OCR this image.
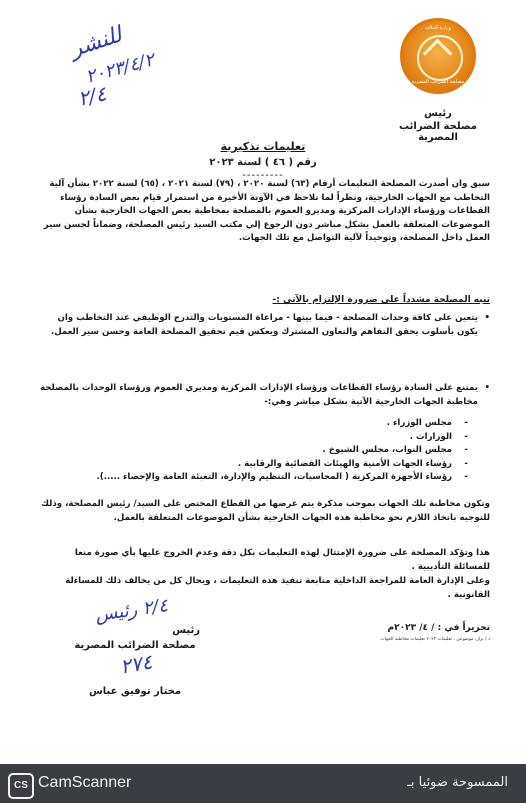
وزارة المالية
مصلحة الضرائب المصرية
رئيس
مصلحة الضرائب المصرية
للنشر
٢٠٢٣/٤/٢
٢/٤
تعليمات تذكيرية
رقم ( ٤٦ ) لسنة ٢٠٢٣
---------
سبق وان أصدرت المصلحة التعليمات أرقام (٦٣) لسنة ٢٠٢٠ ، (٧٩) لسنة ٢٠٢١ ، (٦٥) لسنة ٢٠٢٢ بشأن آلية التخاطب مع الجهات الخارجية، ونظراً لما تلاحظ في الآونة الأخيرة من استمرار قيام بعض السادة رؤساء القطاعات ورؤساء الإدارات المركزية ومديرو العموم بالمصلحة بمخاطبة بعض الجهات الخارجية بشأن الموضوعات المتعلقة بالعمل بشكل مباشر دون الرجوع إلي مكتب السيد رئيس المصلحة، وضماناً لحسن سير العمل داخل المصلحة، وتوحيداً لآلية التواصل مع تلك الجهات.
تنبه المصلحة مشدداً على ضرورة الإلتزام بالآتي :-
• يتعين على كافة وحدات المصلحة - فيما بينها - مراعاة المستويات والتدرج الوظيفي عند التخاطب وان يكون بأسلوب يحقق التفاهم والتعاون المشترك ويعكس قيم تحقيق المصلحة العامة وحسن سير العمل.
• يمتنع على السادة رؤساء القطاعات ورؤساء الإدارات المركزية ومديري العموم ورؤساء الوحدات بالمصلحة مخاطبة الجهات الخارجية الآتية بشكل مباشر وهي:-
- مجلس الوزراء .
- الوزارات .
- مجلس النواب، مجلس الشيوخ .
- رؤساء الجهات الأمنية والهيئات القضائية والرقابية .
- رؤساء الأجهزة المركزية ( المحاسبات، التنظيم والإدارة، التعبئة العامة والإحصاء .....).
وتكون مخاطبة تلك الجهات بموجب مذكرة يتم عرضها من القطاع المختص على السيد/ رئيس المصلحة، وذلك للتوجيه باتخاذ اللازم نحو مخاطبة هذه الجهات الخارجية بشأن الموضوعات المتعلقة بالعمل.
هذا وتؤكد المصلحة على ضرورة الإمتثال لهذه التعليمات بكل دقة وعدم الخروج عليها بأي صورة منعا للمسائلة التأديبية .
وعلى الإدارة العامة للمراجعة الداخلية متابعة تنفيذ هذه التعليمات ، ويحال كل من يخالف ذلك للمساءلة القانونية .
تحريراً في : / ٤/ ٢٠٢٣م
د / بزاز، موضوعي ، تعليمات ٢٠٢٣ تعليمات مخاطبة الجهات
٢/٤ رئيس
رئيس
مصلحة الضرائب المصرية
٢٧٤
مختار توفيق عباس
CS CamScanner	الممسوحة ضوئيا بـ
